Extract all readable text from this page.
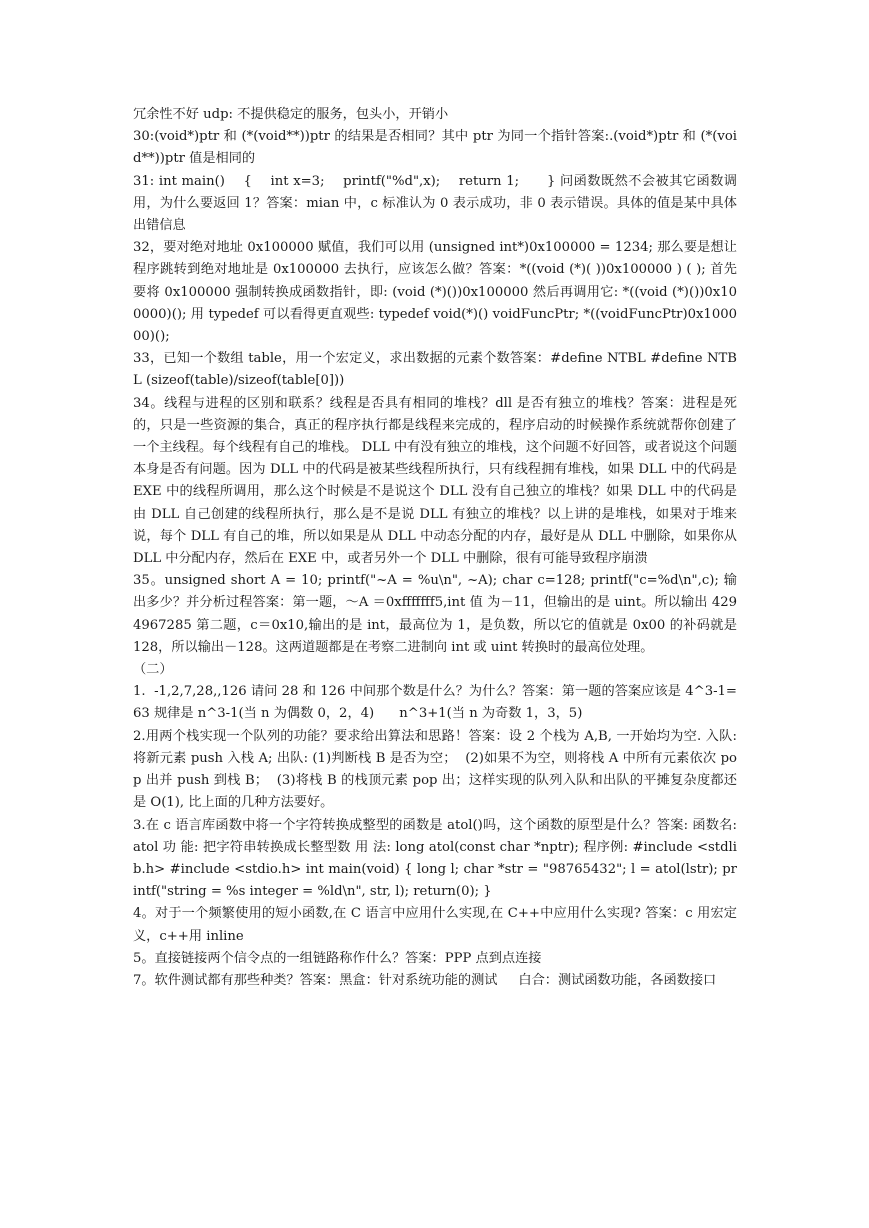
冗余性不好 udp: 不提供稳定的服务，包头小，开销小

30:(void*)ptr 和 (*(void**))ptr 的结果是否相同？其中 ptr 为同一个指针答案:.(void*)ptr 和 (*(void**))ptr 值是相同的

31: int main()    {    int x=3;    printf("%d",x);    return 1;      } 问函数既然不会被其它函数调用，为什么要返回 1？答案：mian 中，c 标准认为 0 表示成功，非 0 表示错误。具体的值是某中具体出错信息

32，要对绝对地址 0x100000 赋值，我们可以用 (unsigned int*)0x100000 = 1234; 那么要是想让程序跳转到绝对地址是 0x100000 去执行，应该怎么做？答案：*((void (*)( ))0x100000 ) ( ); 首先要将 0x100000 强制转换成函数指针，即: (void (*)())0x100000 然后再调用它: *((void (*)())0x100000)(); 用 typedef 可以看得更直观些: typedef void(*)() voidFuncPtr; *((voidFuncPtr)0x100000)();

33，已知一个数组 table，用一个宏定义，求出数据的元素个数答案：#define NTBL #define NTBL (sizeof(table)/sizeof(table[0]))

34。线程与进程的区别和联系？线程是否具有相同的堆栈？dll 是否有独立的堆栈？答案：进程是死的，只是一些资源的集合，真正的程序执行都是线程来完成的，程序启动的时候操作系统就帮你创建了一个主线程。每个线程有自己的堆栈。 DLL 中有没有独立的堆栈，这个问题不好回答，或者说这个问题本身是否有问题。因为 DLL 中的代码是被某些线程所执行，只有线程拥有堆栈，如果 DLL 中的代码是 EXE 中的线程所调用，那么这个时候是不是说这个 DLL 没有自己独立的堆栈？如果 DLL 中的代码是由 DLL 自己创建的线程所执行，那么是不是说 DLL 有独立的堆栈？以上讲的是堆栈，如果对于堆来说，每个 DLL 有自己的堆，所以如果是从 DLL 中动态分配的内存，最好是从 DLL 中删除，如果你从 DLL 中分配内存，然后在 EXE 中，或者另外一个 DLL 中删除，很有可能导致程序崩溃

35。unsigned short A = 10; printf("~A = %u\n", ~A); char c=128; printf("c=%d\n",c); 输出多少？并分析过程答案：第一题，～A ＝0xfffffff5,int 值 为－11，但输出的是 uint。所以输出 4294967285 第二题，c＝0x10,输出的是 int，最高位为 1，是负数，所以它的值就是 0x00 的补码就是 128，所以输出－128。这两道题都是在考察二进制向 int 或 uint 转换时的最高位处理。

（二）

1.  -1,2,7,28,,126 请问 28 和 126 中间那个数是什么？为什么？答案：第一题的答案应该是 4^3-1=63 规律是 n^3-1(当 n 为偶数 0，2，4)      n^3+1(当 n 为奇数 1，3，5)

2.用两个栈实现一个队列的功能？要求给出算法和思路！答案：设 2 个栈为 A,B, 一开始均为空. 入队: 将新元素 push 入栈 A; 出队: (1)判断栈 B 是否为空；  (2)如果不为空，则将栈 A 中所有元素依次 pop 出并 push 到栈 B；  (3)将栈 B 的栈顶元素 pop 出；这样实现的队列入队和出队的平摊复杂度都还是 O(1), 比上面的几种方法要好。

3.在 c 语言库函数中将一个字符转换成整型的函数是 atol()吗，这个函数的原型是什么？答案: 函数名: atol 功 能: 把字符串转换成长整型数 用 法: long atol(const char *nptr); 程序例: #include <stdlib.h> #include <stdio.h> int main(void) { long l; char *str = "98765432"; l = atol(lstr); printf("string = %s integer = %ld\n", str, l); return(0); }

4。对于一个频繁使用的短小函数,在 C 语言中应用什么实现,在 C++中应用什么实现? 答案：c 用宏定义，c++用 inline

5。直接链接两个信令点的一组链路称作什么？答案：PPP 点到点连接

7。软件测试都有那些种类？答案：黑盒：针对系统功能的测试     白合：测试函数功能，各函数接口
